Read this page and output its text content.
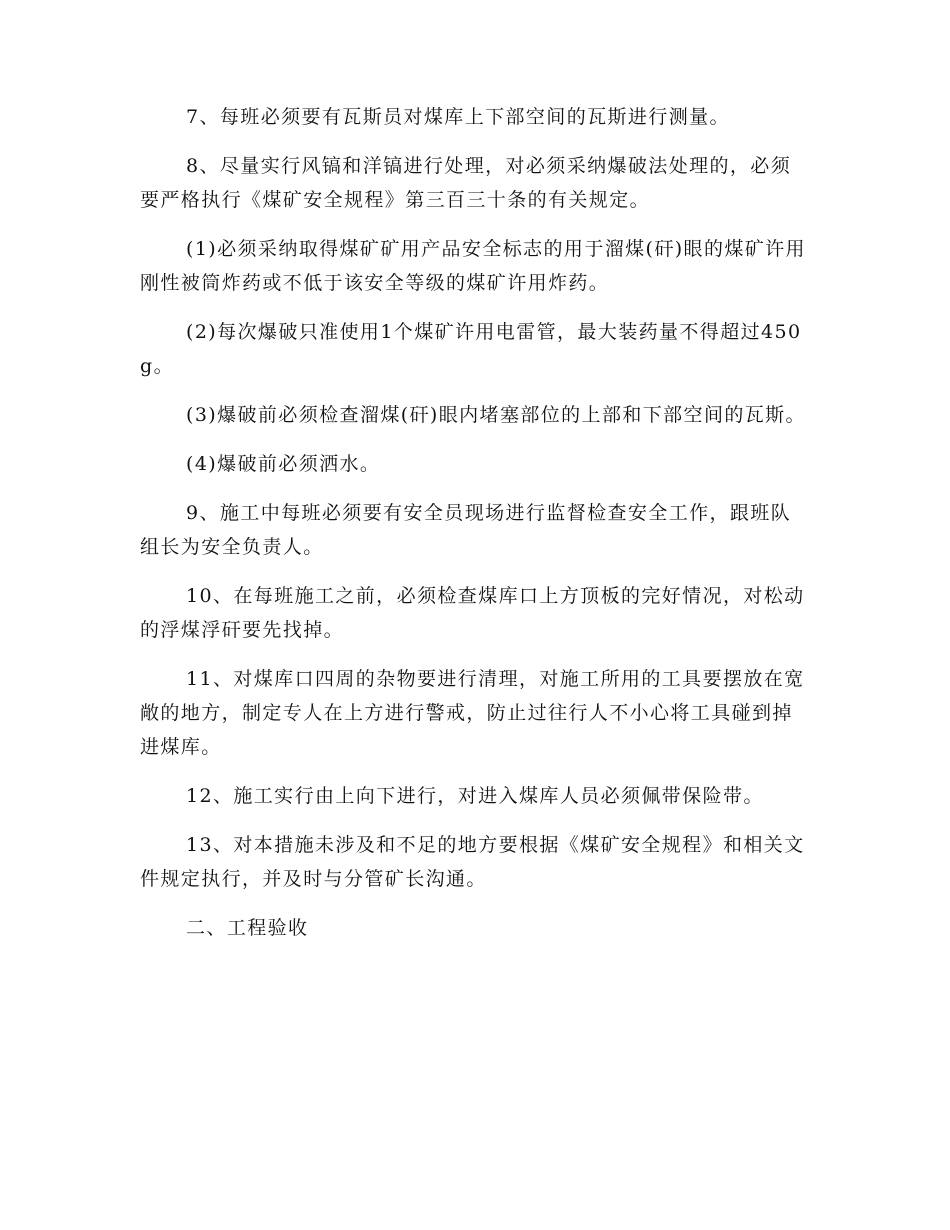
7、每班必须要有瓦斯员对煤库上下部空间的瓦斯进行测量。

8、尽量实行风镐和洋镐进行处理，对必须采纳爆破法处理的，必须要严格执行《煤矿安全规程》第三百三十条的有关规定。

(1)必须采纳取得煤矿矿用产品安全标志的用于溜煤(矸)眼的煤矿许用刚性被筒炸药或不低于该安全等级的煤矿许用炸药。

(2)每次爆破只准使用1个煤矿许用电雷管，最大装药量不得超过450g。

(3)爆破前必须检查溜煤(矸)眼内堵塞部位的上部和下部空间的瓦斯。

(4)爆破前必须洒水。

9、施工中每班必须要有安全员现场进行监督检查安全工作，跟班队组长为安全负责人。

10、在每班施工之前，必须检查煤库口上方顶板的完好情况，对松动的浮煤浮矸要先找掉。

11、对煤库口四周的杂物要进行清理，对施工所用的工具要摆放在宽敞的地方，制定专人在上方进行警戒，防止过往行人不小心将工具碰到掉进煤库。

12、施工实行由上向下进行，对进入煤库人员必须佩带保险带。

13、对本措施未涉及和不足的地方要根据《煤矿安全规程》和相关文件规定执行，并及时与分管矿长沟通。

二、工程验收
